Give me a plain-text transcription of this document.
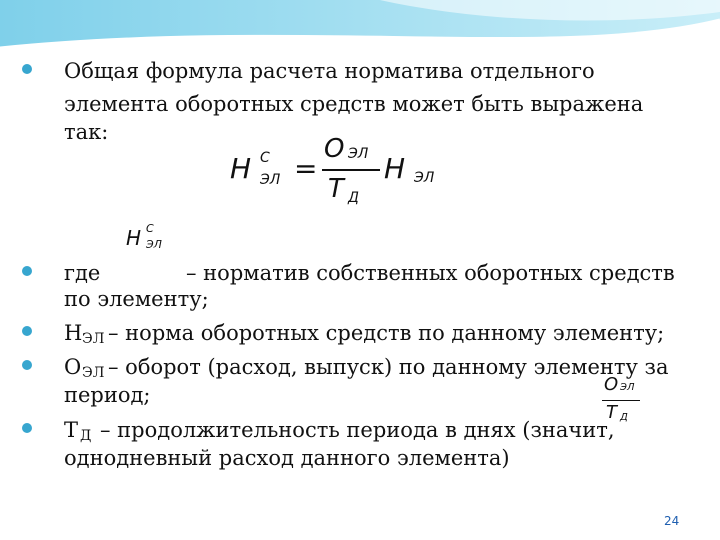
Общая формула расчета норматива отдельного

элемента оборотных средств может быть выражена

так:

Н С
ЭЛ =
О ЭЛ
Т Д
Н ЭЛ
Н С
ЭЛ

где	– норматив собственных оборотных средств

по элементу;

Н ЭЛ – норма оборотных средств по данному элементу;

О ЭЛ – оборот (расход, выпуск) по данному элементу за

период;	О ЭЛ
Т Д

Т Д – продолжительность периода в днях (значит,

однодневный расход данного элемента)

24
